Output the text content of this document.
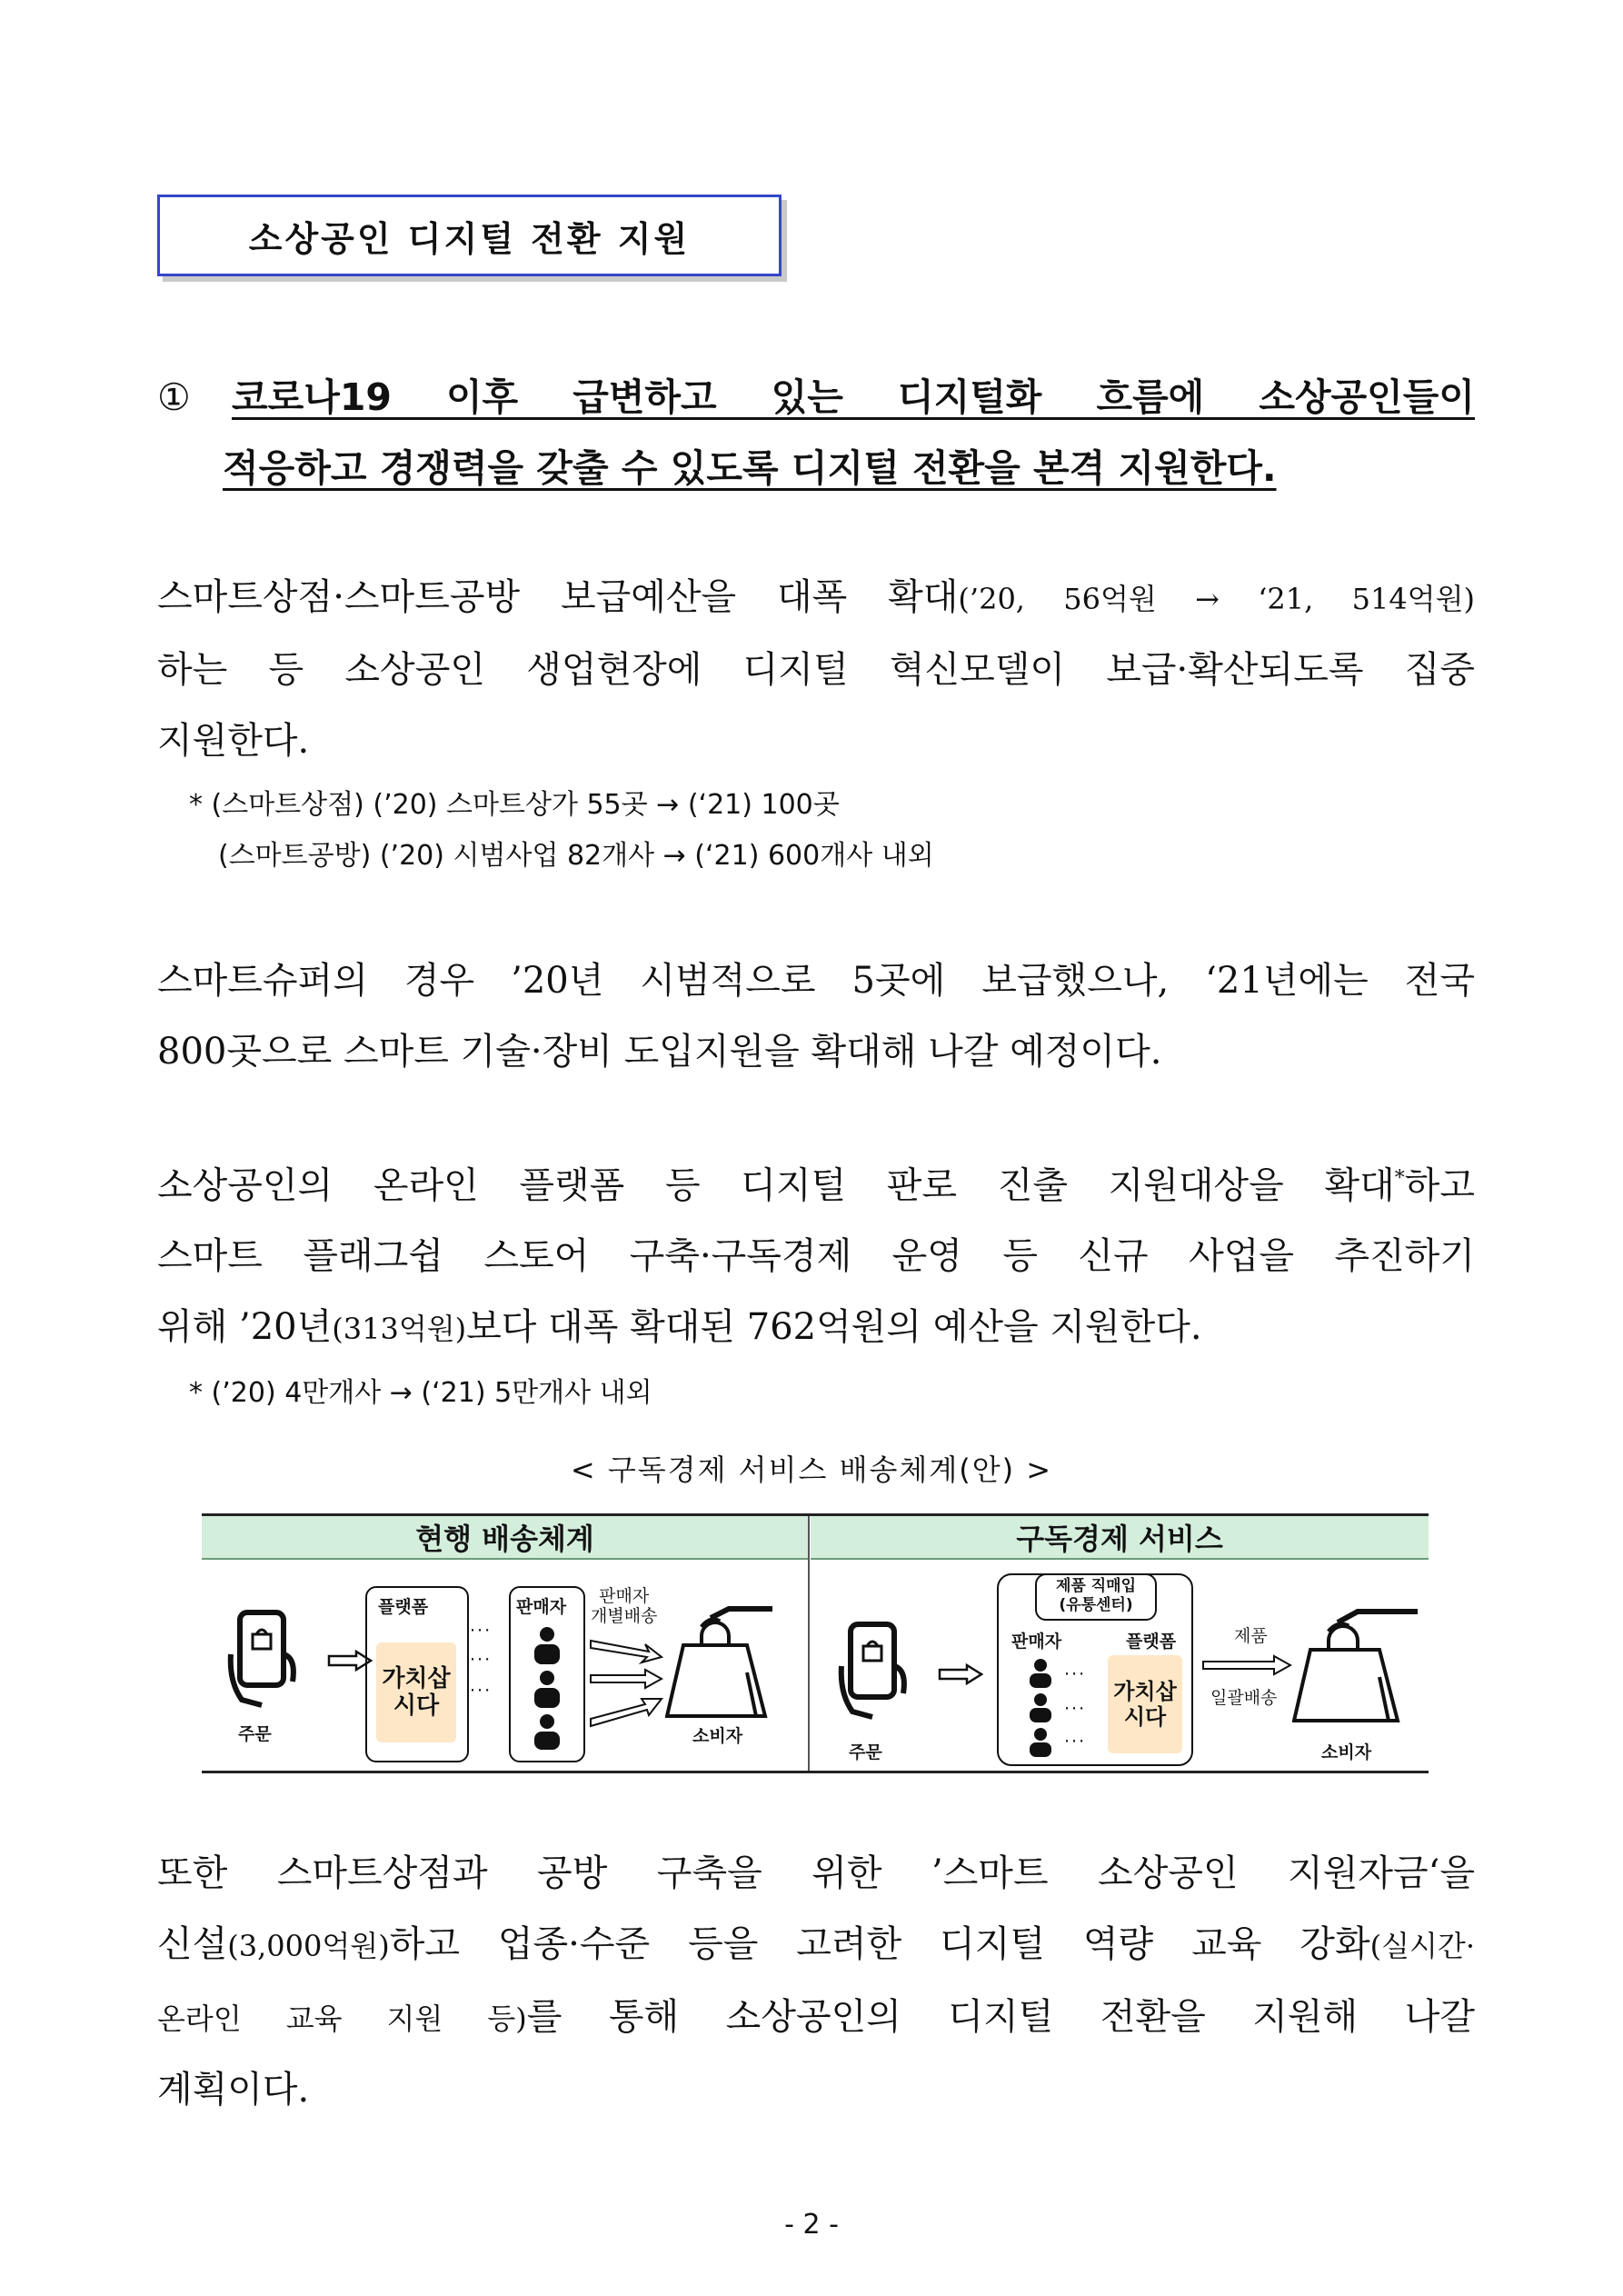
소상공인 디지털 전환 지원
① 코로나19 이후 급변하고 있는 디지털화 흐름에 소상공인들이
적응하고 경쟁력을 갖출 수 있도록 디지털 전환을 본격 지원한다.
스마트상점·스마트공방 보급예산을 대폭 확대(’20, 56억원 → ‘21, 514억원)
하는 등 소상공인 생업현장에 디지털 혁신모델이 보급·확산되도록 집중
지원한다.
* (스마트상점) (’20) 스마트상가 55곳 → (‘21) 100곳
(스마트공방) (’20) 시범사업 82개사 → (‘21) 600개사 내외
스마트슈퍼의 경우 ’20년 시범적으로 5곳에 보급했으나, ‘21년에는 전국
800곳으로 스마트 기술·장비 도입지원을 확대해 나갈 예정이다.
소상공인의 온라인 플랫폼 등 디지털 판로 진출 지원대상을 확대*하고
스마트 플래그쉽 스토어 구축·구독경제 운영 등 신규 사업을 추진하기
위해 ’20년(313억원)보다 대폭 확대된 762억원의 예산을 지원한다.
* (’20) 4만개사 → (‘21) 5만개사 내외
< 구독경제 서비스 배송체계(안) >
현행 배송체계	구독경제 서비스
주문
플랫폼
가치삽시다
···
···
···
판매자
판매자
개별배송
소비자
주문
제품 직매입
(유통센터)
판매자	플랫폼
···
···
···
가치삽시다
제품
일괄배송
소비자
또한 스마트상점과 공방 구축을 위한 ’스마트 소상공인 지원자금‘을
신설(3,000억원)하고 업종·수준 등을 고려한 디지털 역량 교육 강화(실시간·
온라인 교육 지원 등)를 통해 소상공인의 디지털 전환을 지원해 나갈
계획이다.
- 2 -
